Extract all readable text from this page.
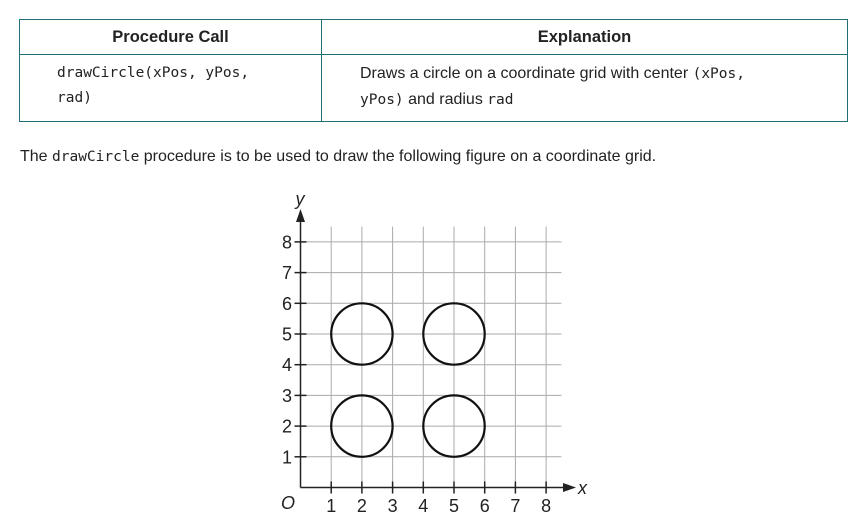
Procedure Call	Explanation
drawCircle(xPos, yPos,
rad)	Draws a circle on a coordinate grid with center (xPos,
yPos) and radius rad
The drawCircle procedure is to be used to draw the following figure on a coordinate grid.
1 2 3 4 5 6 7 8
1
2
3
4
5
6
7
8
O
x
y
